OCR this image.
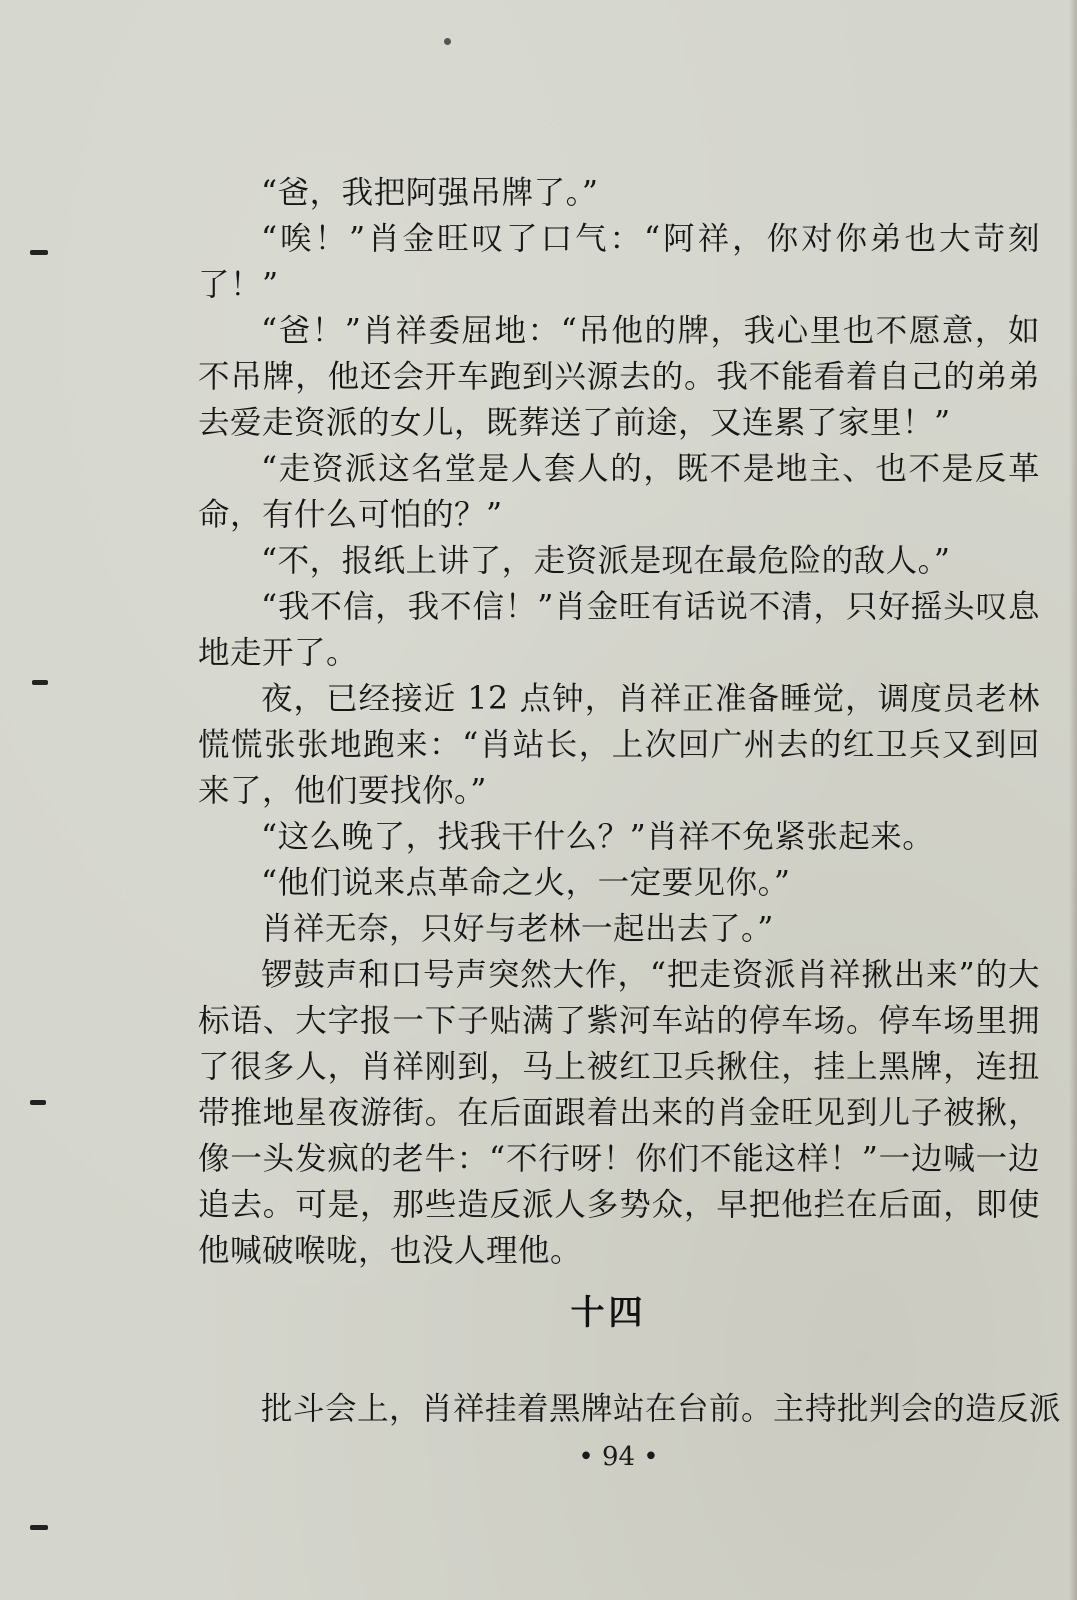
“爸，我把阿强吊牌了。”

“唉！”肖金旺叹了口气：“阿祥，你对你弟也大苛刻了！”

“爸！”肖祥委屈地：“吊他的牌，我心里也不愿意，如不吊牌，他还会开车跑到兴源去的。我不能看着自己的弟弟去爱走资派的女儿，既葬送了前途，又连累了家里！”

“走资派这名堂是人套人的，既不是地主、也不是反革命，有什么可怕的？”

“不，报纸上讲了，走资派是现在最危险的敌人。”

“我不信，我不信！”肖金旺有话说不清，只好摇头叹息地走开了。

夜，已经接近 12 点钟，肖祥正准备睡觉，调度员老林慌慌张张地跑来：“肖站长，上次回广州去的红卫兵又到回来了，他们要找你。”

“这么晚了，找我干什么？”肖祥不免紧张起来。

“他们说来点革命之火，一定要见你。”

肖祥无奈，只好与老林一起出去了。”

锣鼓声和口号声突然大作，“把走资派肖祥揪出来”的大标语、大字报一下子贴满了紫河车站的停车场。停车场里拥了很多人，肖祥刚到，马上被红卫兵揪住，挂上黑牌，连扭带推地星夜游街。在后面跟着出来的肖金旺见到儿子被揪，像一头发疯的老牛：“不行呀！你们不能这样！”一边喊一边追去。可是，那些造反派人多势众，早把他拦在后面，即使他喊破喉咙，也没人理他。

十四
批斗会上，肖祥挂着黑牌站在台前。主持批判会的造反派
• 94 •
